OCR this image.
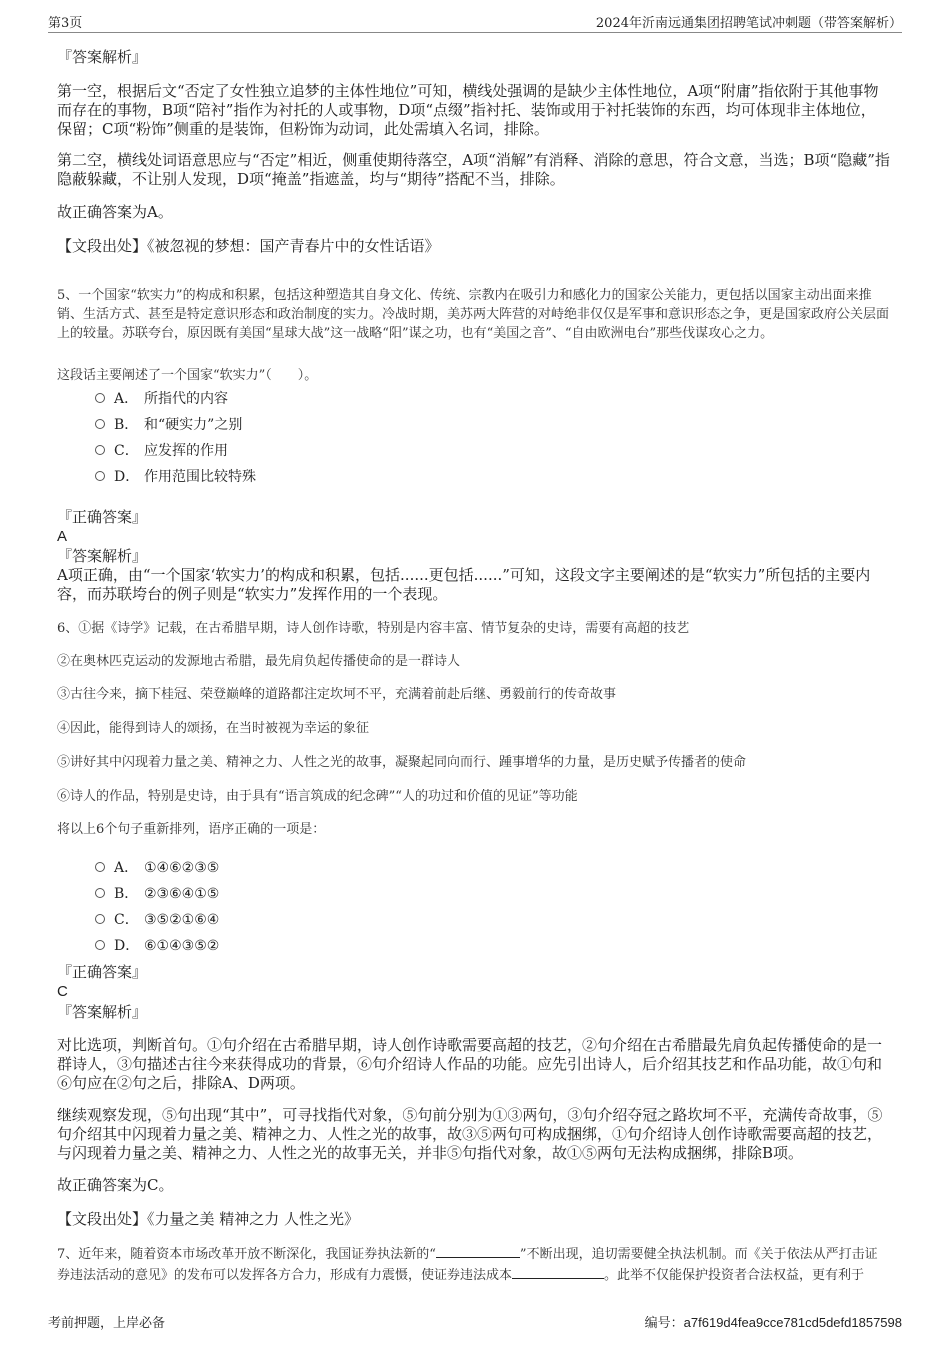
第3页	2024年沂南远通集团招聘笔试冲刺题（带答案解析）
『答案解析』
第一空，根据后文“否定了女性独立追梦的主体性地位”可知，横线处强调的是缺少主体性地位，A项“附庸”指依附于其他事物而存在的事物，B项“陪衬”指作为衬托的人或事物，D项“点缀”指衬托、装饰或用于衬托装饰的东西，均可体现非主体地位，保留；C项“粉饰”侧重的是装饰，但粉饰为动词，此处需填入名词，排除。
第二空，横线处词语意思应与“否定”相近，侧重使期待落空，A项“消解”有消释、消除的意思，符合文意，当选；B项“隐藏”指隐蔽躲藏，不让别人发现，D项“掩盖”指遮盖，均与“期待”搭配不当，排除。
故正确答案为A。
【文段出处】《被忽视的梦想：国产青春片中的女性话语》
5、一个国家“软实力”的构成和积累，包括这种塑造其自身文化、传统、宗教内在吸引力和感化力的国家公关能力，更包括以国家主动出面来推销、生活方式、甚至是特定意识形态和政治制度的实力。冷战时期，美苏两大阵营的对峙绝非仅仅是军事和意识形态之争，更是国家政府公关层面上的较量。苏联夸台，原因既有美国“星球大战”这一战略“阳”谋之功，也有“美国之音”、“自由欧洲电台”那些伐谋攻心之力。
这段话主要阐述了一个国家“软实力”（　　）。
A． 所指代的内容
B． 和“硬实力”之别
C． 应发挥的作用
D． 作用范围比较特殊
『正确答案』
A
『答案解析』
A项正确，由“一个国家‘软实力’的构成和积累，包括......更包括......”可知，这段文字主要阐述的是“软实力”所包括的主要内容，而苏联垮台的例子则是“软实力”发挥作用的一个表现。
6、①据《诗学》记载，在古希腊早期，诗人创作诗歌，特别是内容丰富、情节复杂的史诗，需要有高超的技艺
②在奥林匹克运动的发源地古希腊，最先肩负起传播使命的是一群诗人
③古往今来，摘下桂冠、荣登巅峰的道路都注定坎坷不平，充满着前赴后继、勇毅前行的传奇故事
④因此，能得到诗人的颂扬，在当时被视为幸运的象征
⑤讲好其中闪现着力量之美、精神之力、人性之光的故事，凝聚起同向而行、踵事增华的力量，是历史赋予传播者的使命
⑥诗人的作品，特别是史诗，由于具有“语言筑成的纪念碑”“人的功过和价值的见证”等功能
将以上6个句子重新排列，语序正确的一项是：
A． ①④⑥②③⑤
B． ②③⑥④①⑤
C． ③⑤②①⑥④
D． ⑥①④③⑤②
『正确答案』
C
『答案解析』
对比选项，判断首句。①句介绍在古希腊早期，诗人创作诗歌需要高超的技艺，②句介绍在古希腊最先肩负起传播使命的是一群诗人，③句描述古往今来获得成功的背景，⑥句介绍诗人作品的功能。应先引出诗人，后介绍其技艺和作品功能，故①句和⑥句应在②句之后，排除A、D两项。
继续观察发现，⑤句出现“其中”，可寻找指代对象，⑤句前分别为①③两句，③句介绍夺冠之路坎坷不平，充满传奇故事，⑤句介绍其中闪现着力量之美、精神之力、人性之光的故事，故③⑤两句可构成捆绑，①句介绍诗人创作诗歌需要高超的技艺，与闪现着力量之美、精神之力、人性之光的故事无关，并非⑤句指代对象，故①⑤两句无法构成捆绑，排除B项。
故正确答案为C。
【文段出处】《力量之美 精神之力 人性之光》
7、近年来，随着资本市场改革开放不断深化，我国证券执法新的“	”不断出现，追切需要健全执法机制。而《关于依法从严打击证
券违法活动的意见》的发布可以发挥各方合力，形成有力震慑，使证券违法成本	。此举不仅能保护投资者合法权益，更有利于
考前押题，上岸必备	编号：a7f619d4fea9cce781cd5defd1857598
